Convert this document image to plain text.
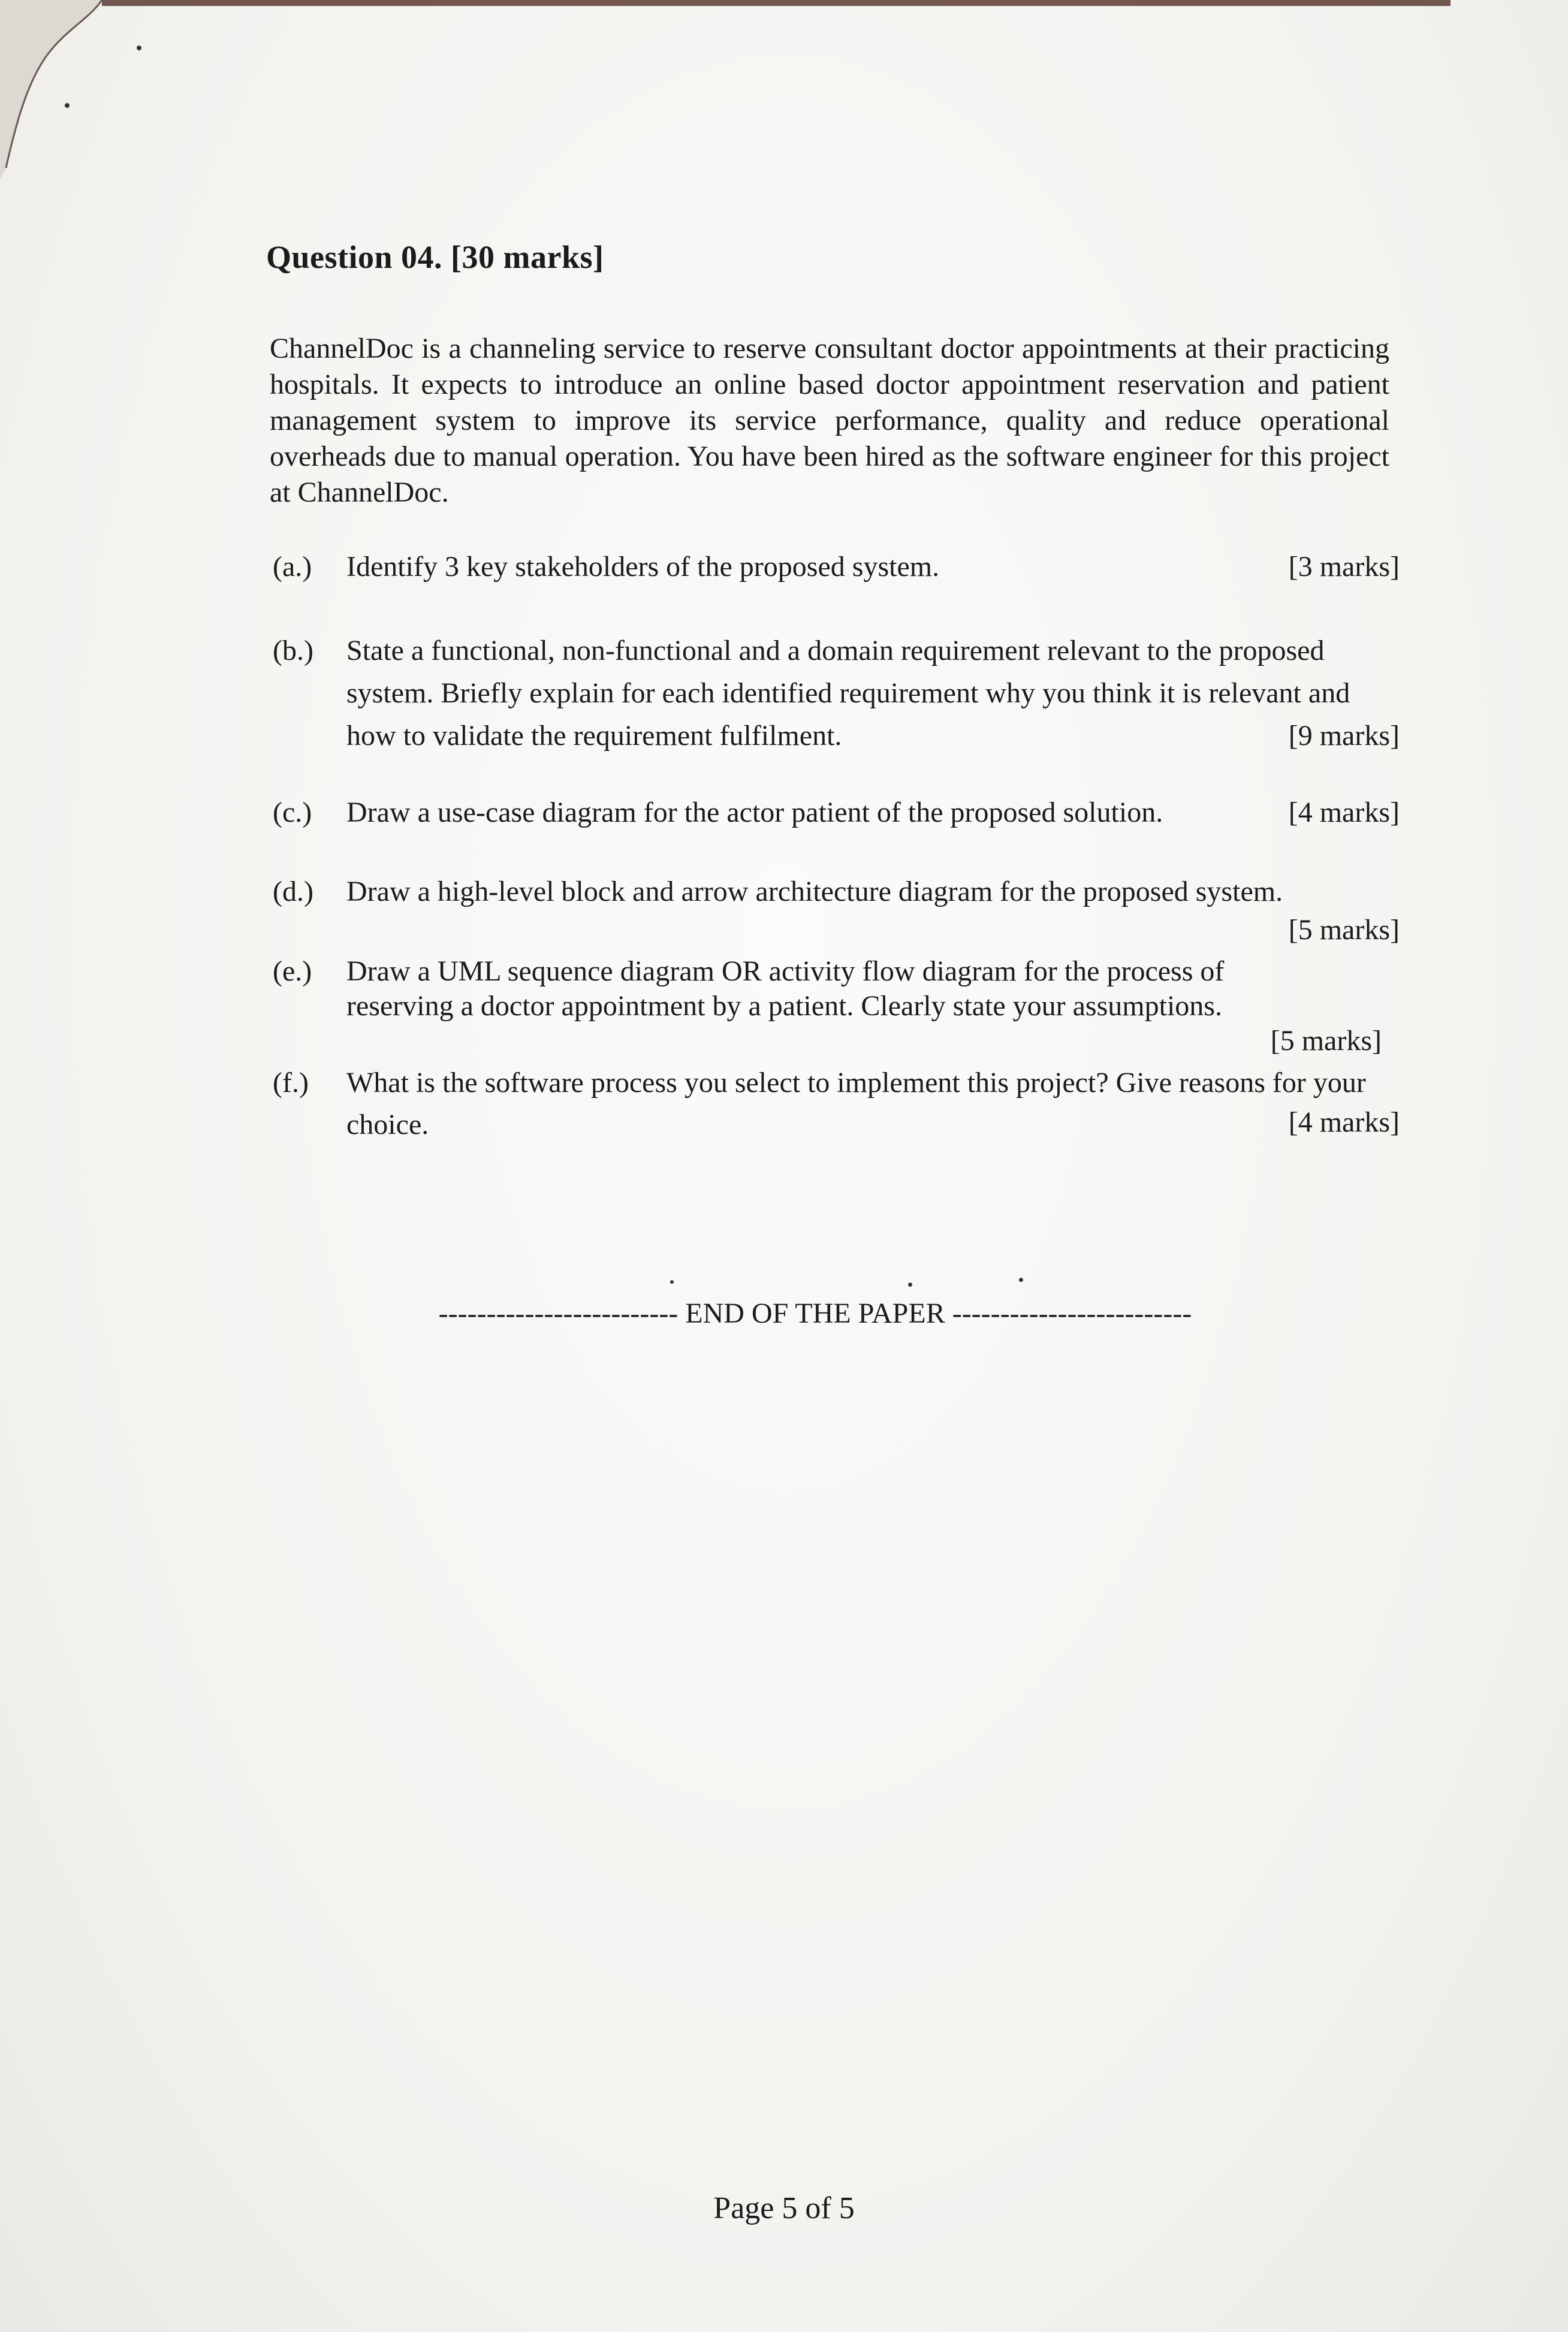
Question 04. [30 marks]
ChannelDoc is a channeling service to reserve consultant doctor appointments at their practicing hospitals. It expects to introduce an online based doctor appointment reservation and patient management system to improve its service performance, quality and reduce operational overheads due to manual operation. You have been hired as the software engineer for this project at ChannelDoc.
(a.) Identify 3 key stakeholders of the proposed system.	[3 marks]
(b.) State a functional, non-functional and a domain requirement relevant to the proposed system. Briefly explain for each identified requirement why you think it is relevant and how to validate the requirement fulfilment.	[9 marks]
(c.) Draw a use-case diagram for the actor patient of the proposed solution.	[4 marks]
(d.) Draw a high-level block and arrow architecture diagram for the proposed system.
[5 marks]
(e.) Draw a UML sequence diagram OR activity flow diagram for the process of reserving a doctor appointment by a patient. Clearly state your assumptions.
[5 marks]
(f.) What is the software process you select to implement this project? Give reasons for your choice.	[4 marks]
------------------------- END OF THE PAPER -------------------------
Page 5 of 5
